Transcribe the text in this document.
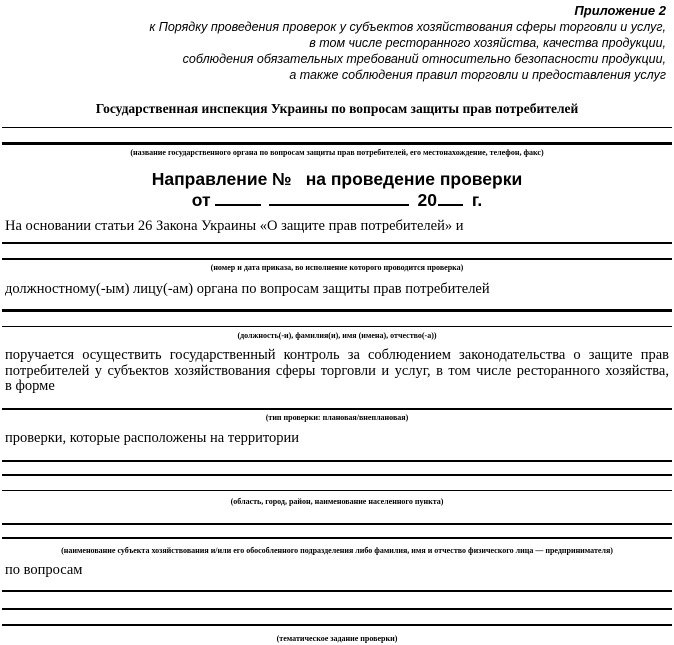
Приложение 2
к Порядку проведения проверок у субъектов хозяйствования сферы торговли и услуг,
в том числе ресторанного хозяйства, качества продукции,
соблюдения обязательных требований относительно безопасности продукции,
а также соблюдения правил торговли и предоставления услуг
Государственная инспекция Украины по вопросам защиты прав потребителей
(название государственного органа по вопросам защиты прав потребителей, его местонахождение, телефон, факс)
Направление № на проведение проверки
от	20 г.
На основании статьи 26 Закона Украины «О защите прав потребителей» и
(номер и дата приказа, во исполнение которого проводится проверка)
должностному(-ым) лицу(-ам) органа по вопросам защиты прав потребителей
(должность(-и), фамилия(и), имя (имена), отчество(-а))
поручается осуществить государственный контроль за соблюдением законодательства о защите прав
потребителей у субъектов хозяйствования сферы торговли и услуг, в том числе ресторанного хозяйства,
в форме
(тип проверки: плановая/внеплановая)
проверки, которые расположены на территории
(область, город, район, наименование населенного пункта)
(наименование субъекта хозяйствования и/или его обособленного подразделения либо фамилия, имя и отчество физического лица — предпринимателя)
по вопросам
(тематическое задание проверки)
